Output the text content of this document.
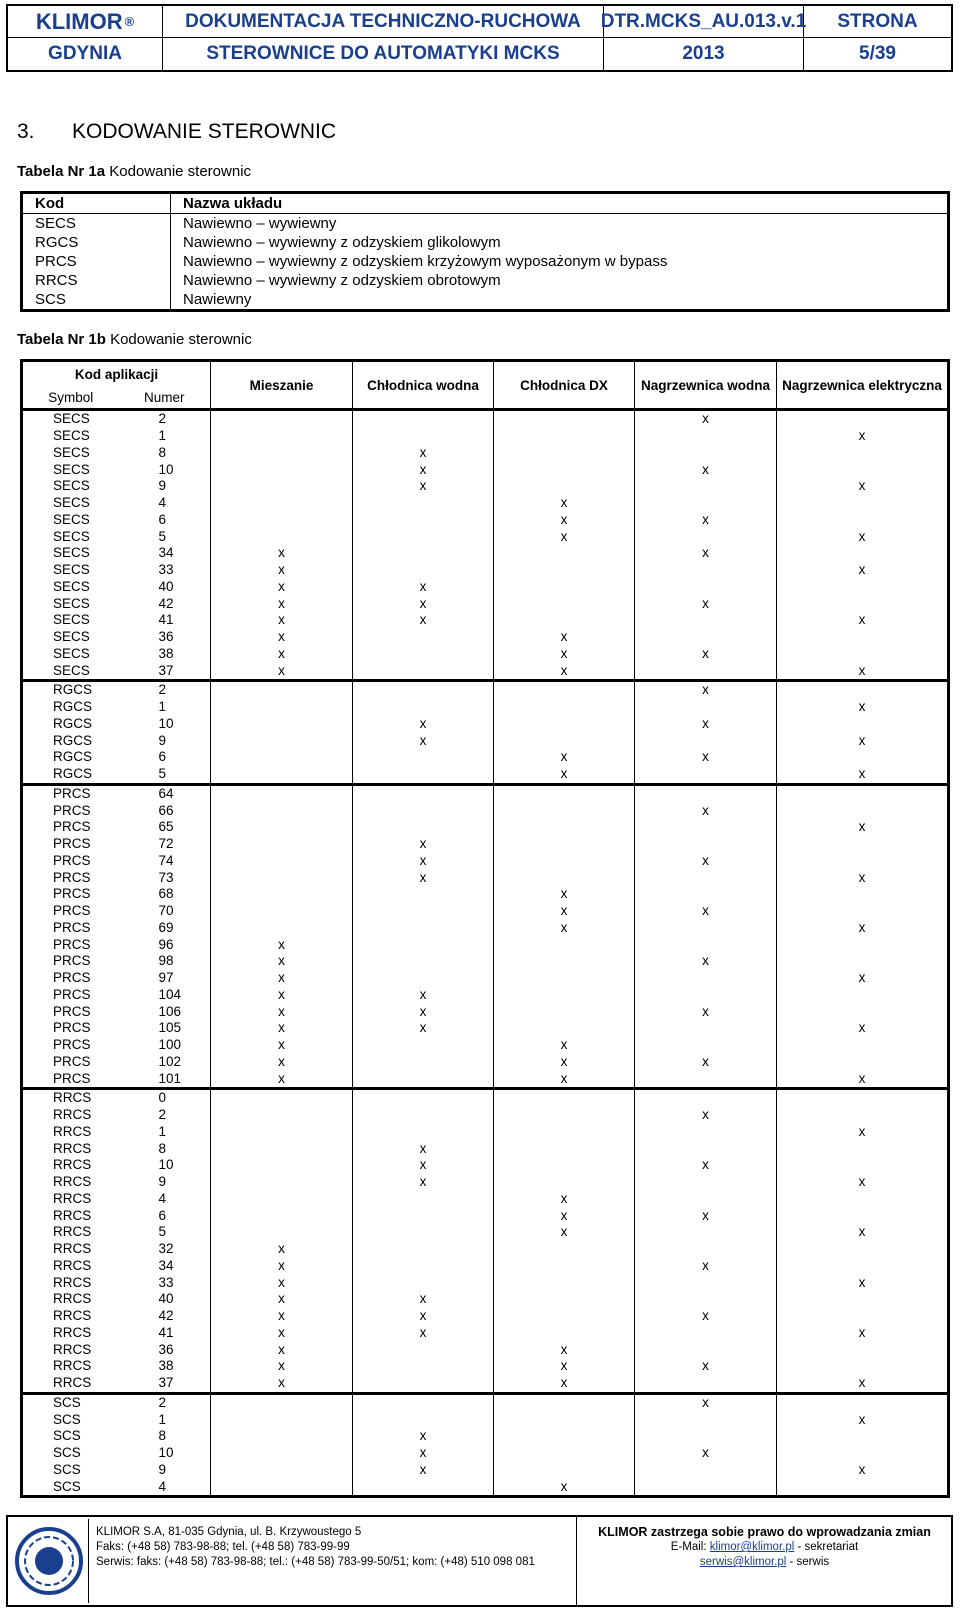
KLIMOR ®	DOKUMENTACJA TECHNICZNO-RUCHOWA	DTR.MCKS_AU.013.v.1	STRONA
GDYNIA	STEROWNICE DO AUTOMATYKI MCKS	2013	5/39
3. KODOWANIE STEROWNIC
Tabela Nr 1a Kodowanie sterownic
Kod	Nazwa układu
SECS	Nawiewno – wywiewny
RGCS	Nawiewno – wywiewny z odzyskiem glikolowym
PRCS	Nawiewno – wywiewny z odzyskiem krzyżowym wyposażonym w bypass
RRCS	Nawiewno – wywiewny z odzyskiem obrotowym
SCS	Nawiewny
Tabela Nr 1b Kodowanie sterownic
Kod aplikacji		Mieszanie	Chłodnica wodna	Chłodnica DX	Nagrzewnica wodna	Nagrzewnica elektryczna
Symbol	Numer					
SECS	2				x	
SECS	1					x
SECS	8		x			
SECS	10		x		x	
SECS	9		x			x
SECS	4			x		
SECS	6			x	x	
SECS	5			x		x
SECS	34	x			x	
SECS	33	x				x
SECS	40	x	x			
SECS	42	x	x		x	
SECS	41	x	x			x
SECS	36	x		x		
SECS	38	x		x	x	
SECS	37	x		x		x
RGCS	2				x	
RGCS	1					x
RGCS	10		x		x	
RGCS	9		x			x
RGCS	6			x	x	
RGCS	5			x		x
PRCS	64					
PRCS	66				x	
PRCS	65					x
PRCS	72		x			
PRCS	74		x		x	
PRCS	73		x			x
PRCS	68			x		
PRCS	70			x	x	
PRCS	69			x		x
PRCS	96	x				
PRCS	98	x			x	
PRCS	97	x				x
PRCS	104	x	x			
PRCS	106	x	x		x	
PRCS	105	x	x			x
PRCS	100	x		x		
PRCS	102	x		x	x	
PRCS	101	x		x		x
RRCS	0					
RRCS	2				x	
RRCS	1					x
RRCS	8		x			
RRCS	10		x		x	
RRCS	9		x			x
RRCS	4			x		
RRCS	6			x	x	
RRCS	5			x		x
RRCS	32	x				
RRCS	34	x			x	
RRCS	33	x				x
RRCS	40	x	x			
RRCS	42	x	x		x	
RRCS	41	x	x			x
RRCS	36	x		x		
RRCS	38	x		x	x	
RRCS	37	x		x		x
SCS	2				x	
SCS	1					x
SCS	8		x			
SCS	10		x		x	
SCS	9		x			x
SCS	4			x		
KLIMOR S.A, 81-035 Gdynia, ul. B. Krzywoustego 5
Faks: (+48 58) 783-98-88; tel. (+48 58) 783-99-99
Serwis: faks: (+48 58) 783-98-88; tel.: (+48 58) 783-99-50/51; kom: (+48) 510 098 081
KLIMOR zastrzega sobie prawo do wprowadzania zmian
E-Mail: klimor@klimor.pl - sekretariat
serwis@klimor.pl - serwis
